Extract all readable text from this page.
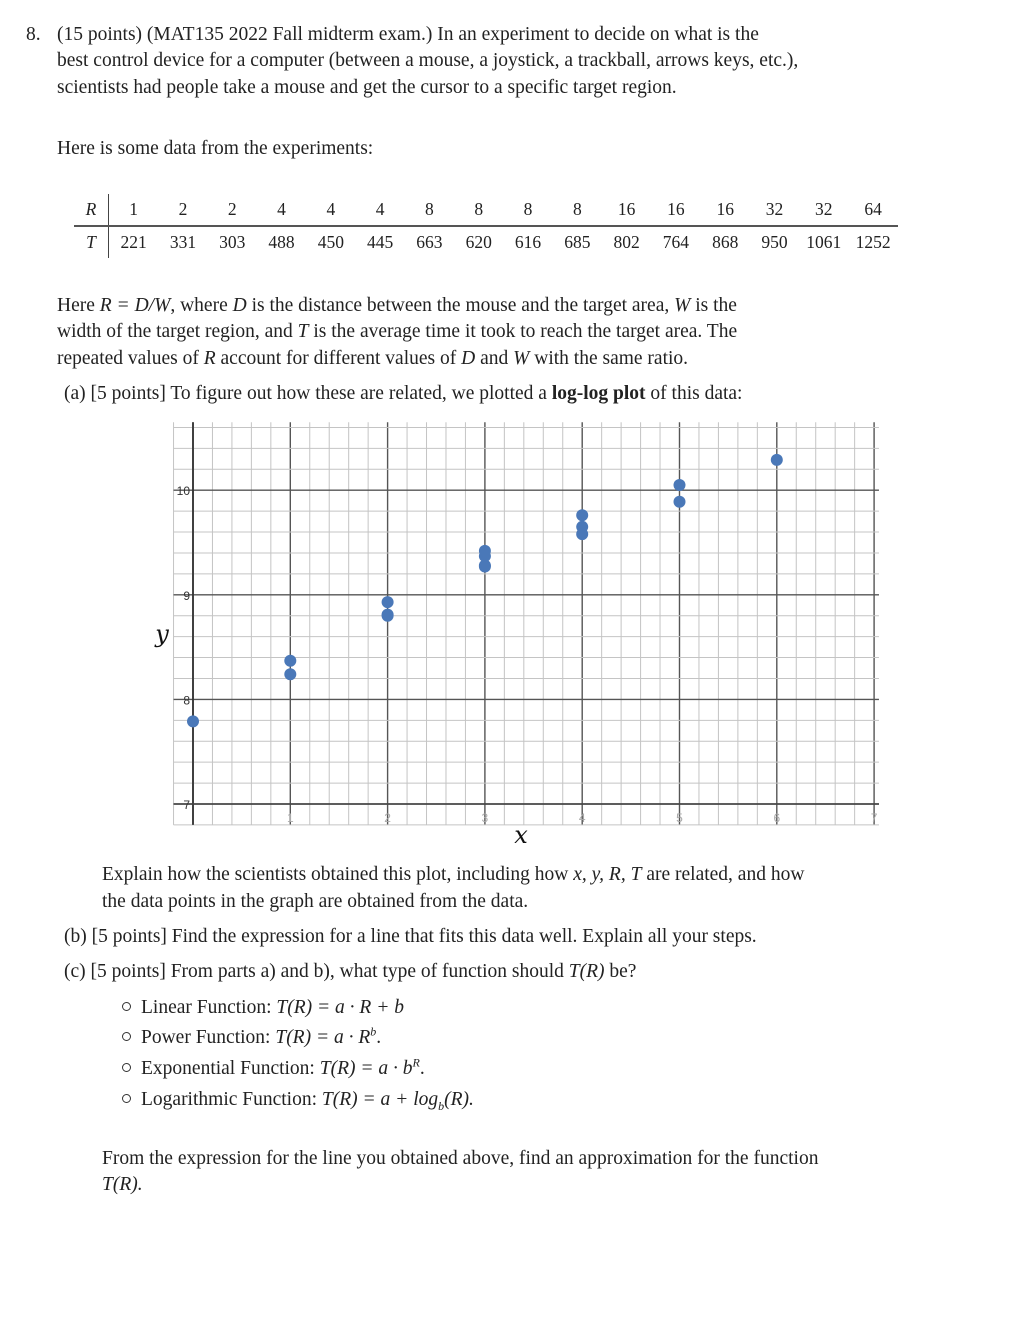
8. (15 points) (MAT135 2022 Fall midterm exam.) In an experiment to decide on what is the

best control device for a computer (between a mouse, a joystick, a trackball, arrows keys, etc.),

scientists had people take a mouse and get the cursor to a specific target region.

Here is some data from the experiments:

R	1	2	2	4	4	4	8	8	8	8	16	16	16	32	32	64
T	221	331	303	488	450	445	663	620	616	685	802	764	868	950	1061	1252

Here R = D/W, where D is the distance between the mouse and the target area, W is the

width of the target region, and T is the average time it took to reach the target area. The

repeated values of R account for different values of D and W with the same ratio.

(a) [5 points] To figure out how these are related, we plotted a log-log plot of this data:

7
8
9
10
1	2	3	4	5	6	7
x
y

Explain how the scientists obtained this plot, including how x, y, R, T are related, and how

the data points in the graph are obtained from the data.

(b) [5 points] Find the expression for a line that fits this data well. Explain all your steps.

(c) [5 points] From parts a) and b), what type of function should T(R) be?

Linear Function: T(R) = a · R + b
Power Function: $T(R) = a \cdot R^b$.
Exponential Function: $T(R) = a \cdot b^R$.
Logarithmic Function: $T(R) = a + \log_b(R)$.

From the expression for the line you obtained above, find an approximation for the function

T(R).
